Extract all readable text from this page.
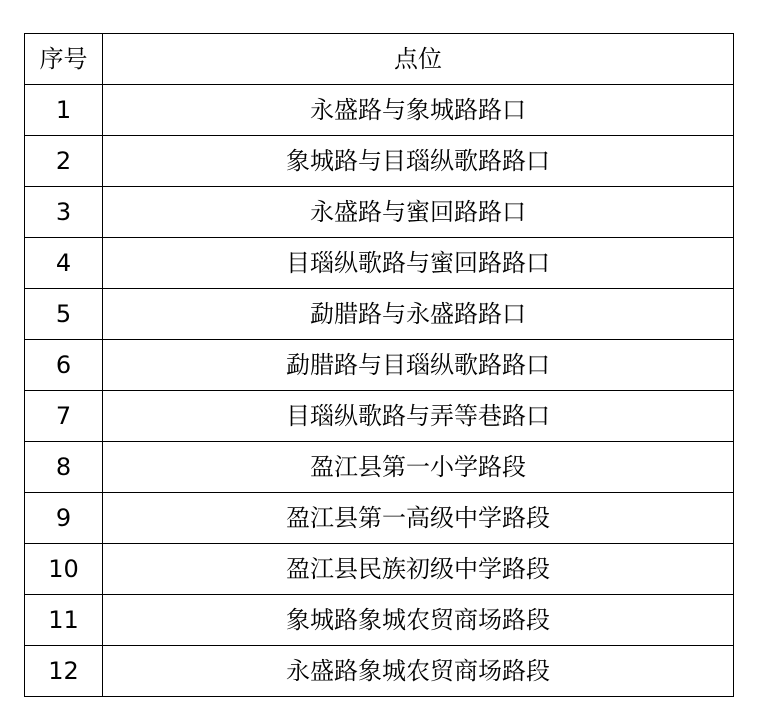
序号	点位
1	永盛路与象城路路口
2	象城路与目瑙纵歌路路口
3	永盛路与蜜回路路口
4	目瑙纵歌路与蜜回路路口
5	勐腊路与永盛路路口
6	勐腊路与目瑙纵歌路路口
7	目瑙纵歌路与弄等巷路口
8	盈江县第一小学路段
9	盈江县第一高级中学路段
10	盈江县民族初级中学路段
11	象城路象城农贸商场路段
12	永盛路象城农贸商场路段
